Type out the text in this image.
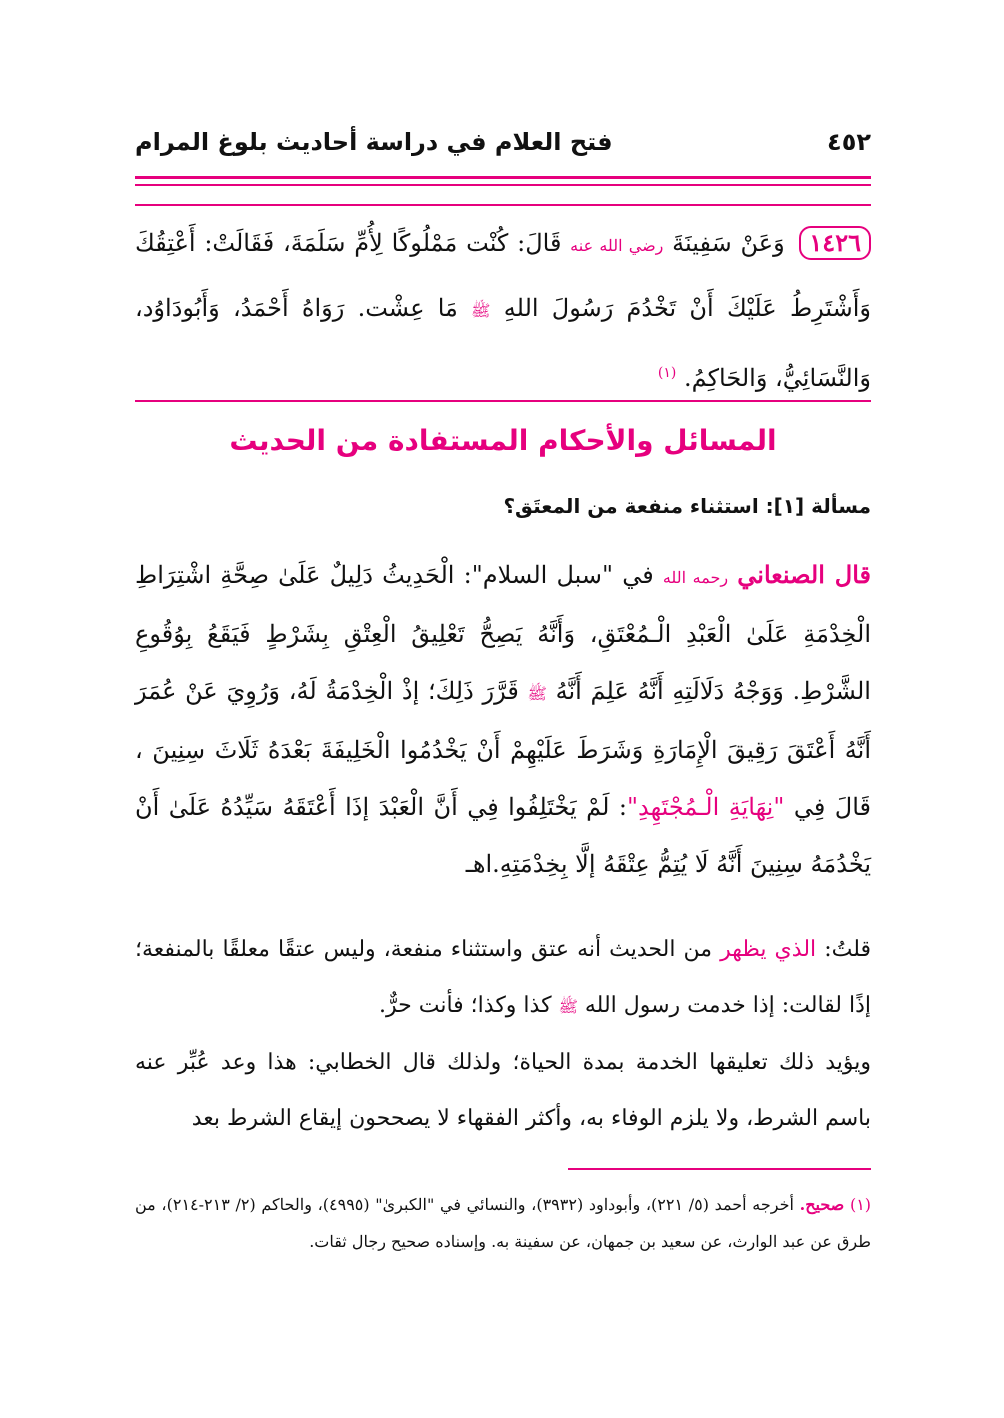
٤٥٢
فتح العلام في دراسة أحاديث بلوغ المرام
١٤٢٦ وَعَنْ سَفِينَةَ رضي الله عنه قَالَ: كُنْت مَمْلُوكًا لِأُمِّ سَلَمَةَ، فَقَالَتْ: أَعْتِقُكَ وَأَشْتَرِطُ عَلَيْكَ أَنْ تَخْدُمَ رَسُولَ اللهِ ﷺ مَا عِشْت. رَوَاهُ أَحْمَدُ، وَأَبُودَاوُد، وَالنَّسَائِيُّ، وَالحَاكِمُ. $^{(١)}$
المسائل والأحكام المستفادة من الحديث
مسألة [١]: استثناء منفعة من المعتَق؟
قال الصنعاني رحمه الله في "سبل السلام": الْحَدِيثُ دَلِيلٌ عَلَىٰ صِحَّةِ اشْتِرَاطِ الْخِدْمَةِ عَلَىٰ الْعَبْدِ الْـمُعْتَقِ، وَأَنَّهُ يَصِحُّ تَعْلِيقُ الْعِتْقِ بِشَرْطٍ فَيَقَعُ بِوُقُوعِ الشَّرْطِ. وَوَجْهُ دَلَالَتِهِ أَنَّهُ عَلِمَ أَنَّهُ ﷺ قَرَّرَ ذَلِكَ؛ إذْ الْخِدْمَةُ لَهُ، وَرُوِيَ عَنْ عُمَرَ أَنَّهُ أَعْتَقَ رَقِيقَ الْإِمَارَةِ وَشَرَطَ عَلَيْهِمْ أَنْ يَخْدُمُوا الْخَلِيفَةَ بَعْدَهُ ثَلَاثَ سِنِينَ ، قَالَ فِي "نِهَايَةِ الْـمُجْتَهِدِ": لَمْ يَخْتَلِفُوا فِي أَنَّ الْعَبْدَ إذَا أَعْتَقَهُ سَيِّدُهُ عَلَىٰ أَنْ يَخْدُمَهُ سِنِينَ أَنَّهُ لَا يُتِمُّ عِتْقَهُ إلَّا بِخِدْمَتِهِ.اهـ
قلتُ: الذي يظهر من الحديث أنه عتق واستثناء منفعة، وليس عتقًا معلقًا بالمنفعة؛ إذًا لقالت: إذا خدمت رسول الله ﷺ كذا وكذا؛ فأنت حرٌّ.
ويؤيد ذلك تعليقها الخدمة بمدة الحياة؛ ولذلك قال الخطابي: هذا وعد عُبِّر عنه باسم الشرط، ولا يلزم الوفاء به، وأكثر الفقهاء لا يصححون إيقاع الشرط بعد
(١) صحيح. أخرجه أحمد (٥/ ٢٢١)، وأبوداود (٣٩٣٢)، والنسائي في "الكبرىٰ" (٤٩٩٥)، والحاكم (٢/ ٢١٣-٢١٤)، من طرق عن عبد الوارث، عن سعيد بن جمهان، عن سفينة به. وإسناده صحيح رجال ثقات.
